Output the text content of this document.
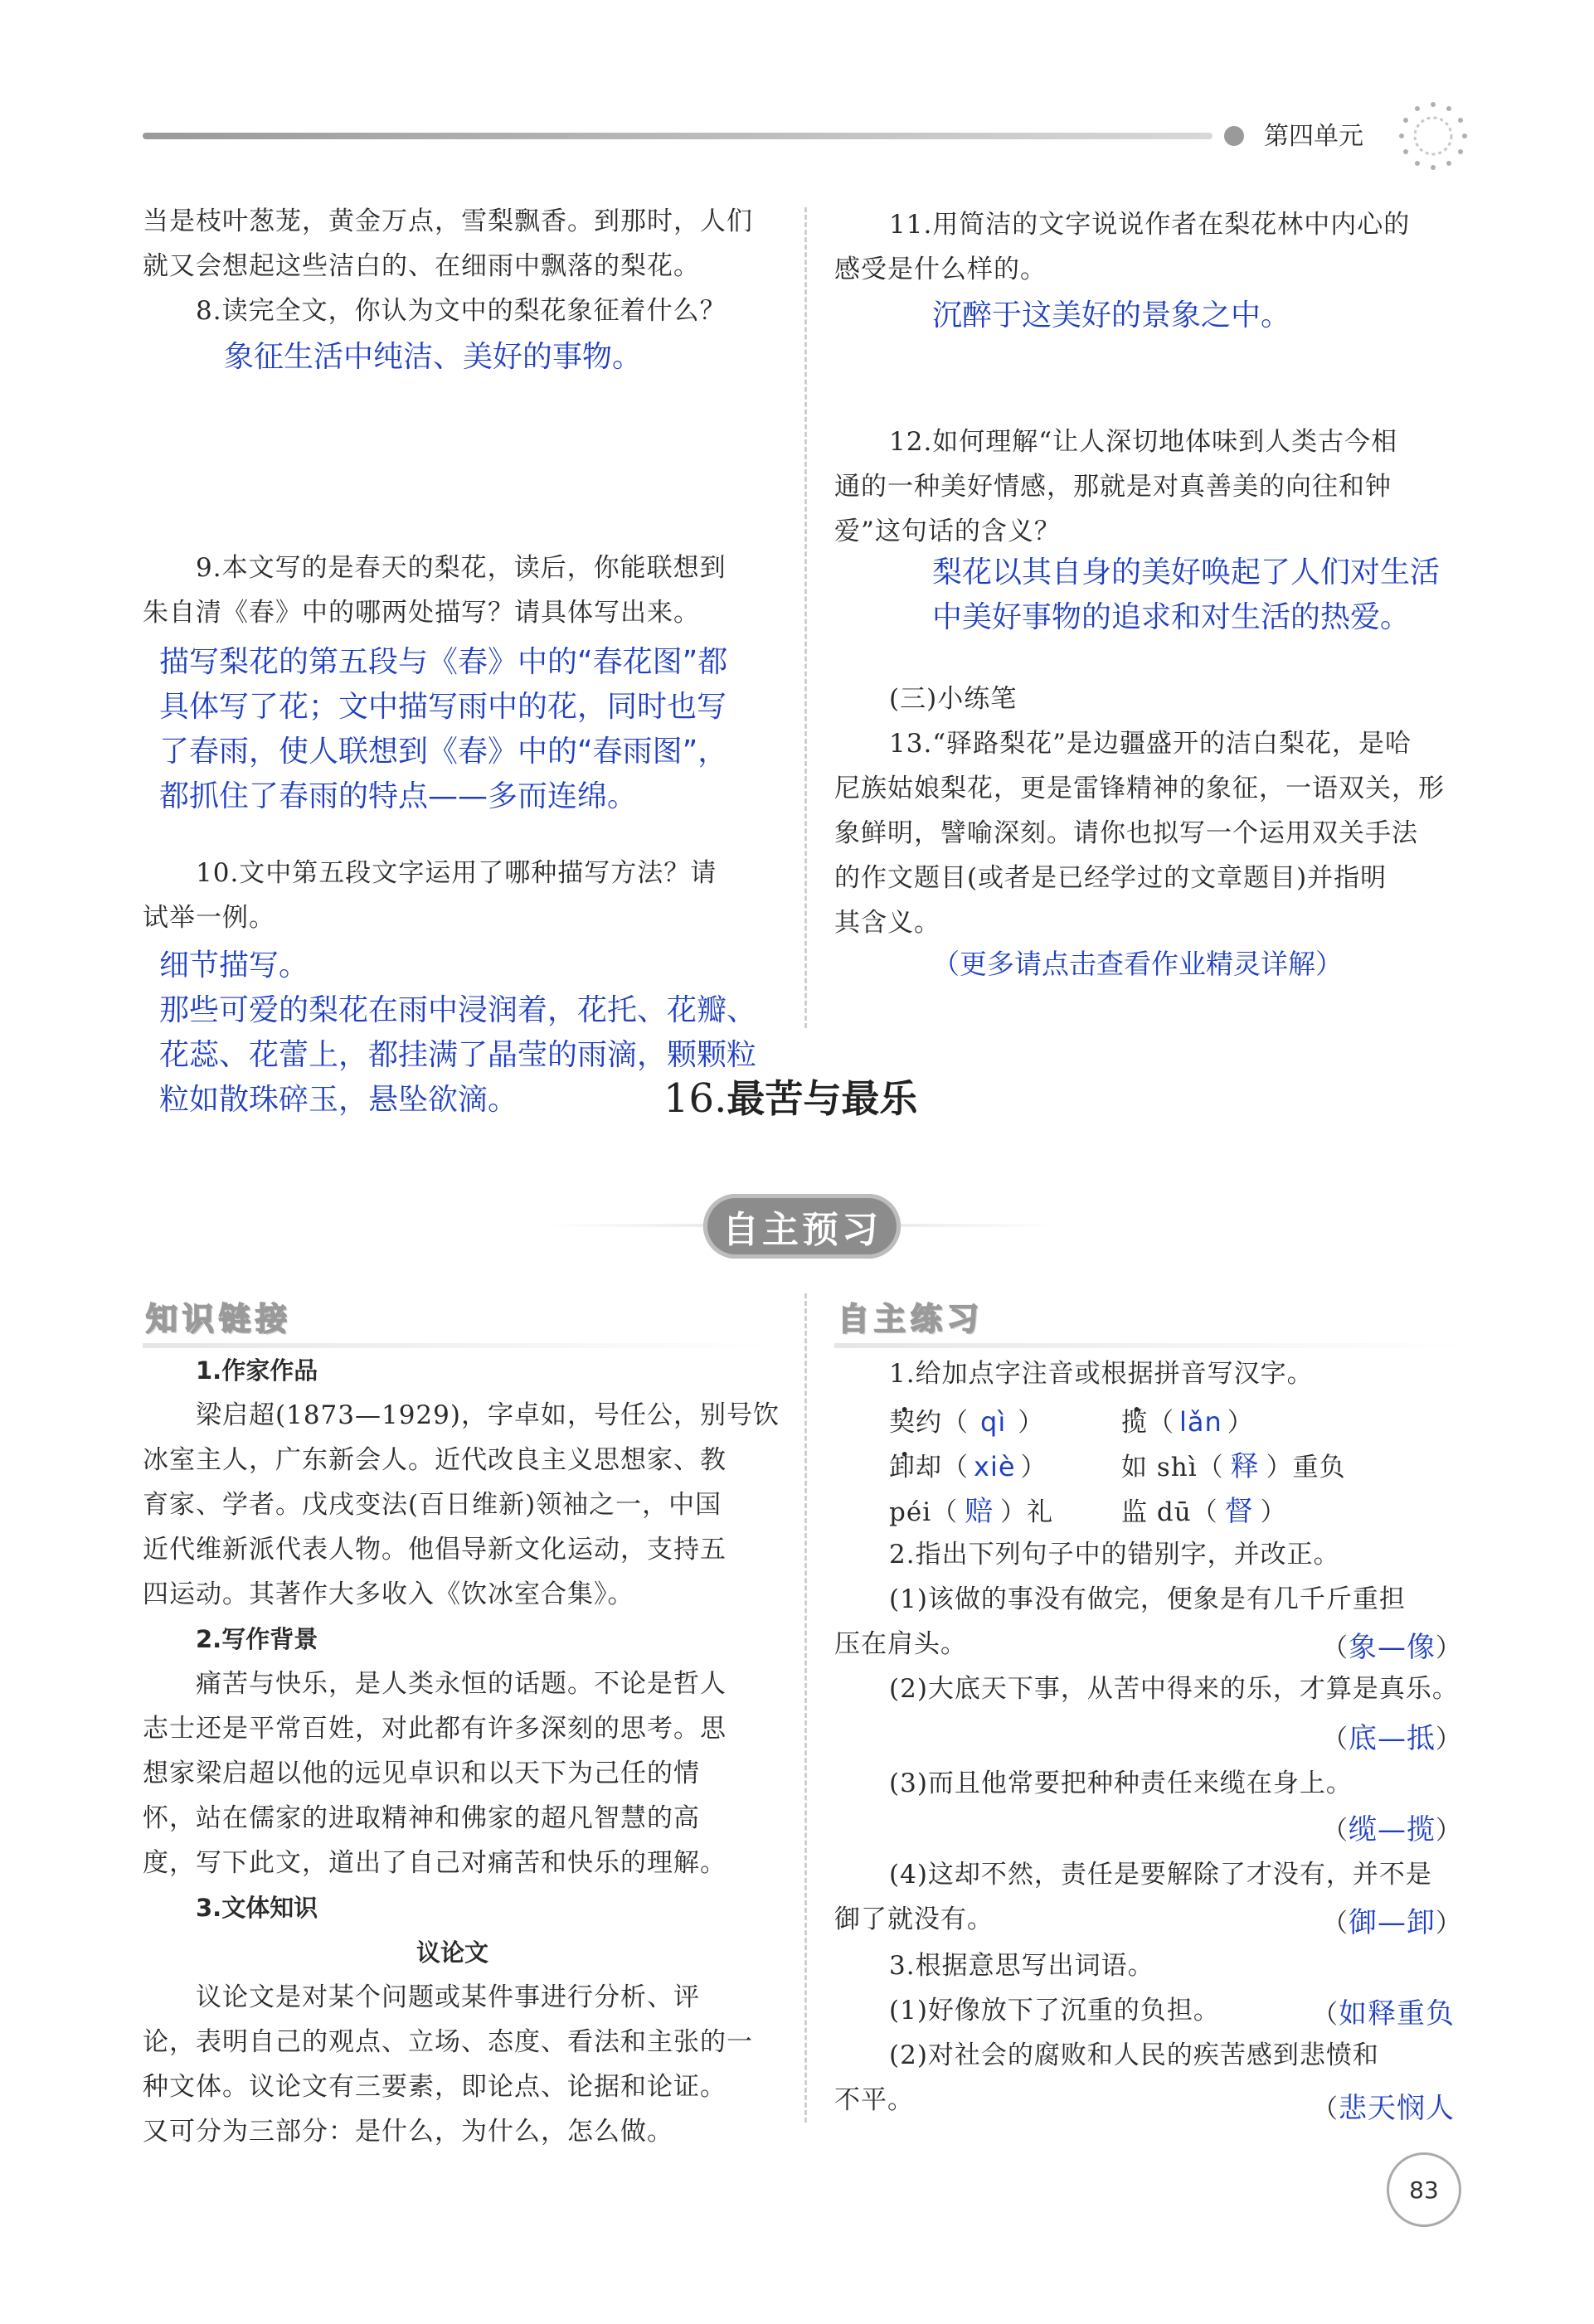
第四单元
当是枝叶葱茏，黄金万点，雪梨飘香。到那时，人们
就又会想起这些洁白的、在细雨中飘落的梨花。
8.读完全文，你认为文中的梨花象征着什么？
象征生活中纯洁、美好的事物。
9.本文写的是春天的梨花，读后，你能联想到
朱自清《春》中的哪两处描写？请具体写出来。
描写梨花的第五段与《春》中的“春花图”都
具体写了花；文中描写雨中的花，同时也写
了春雨，使人联想到《春》中的“春雨图”，
都抓住了春雨的特点——多而连绵。
10.文中第五段文字运用了哪种描写方法？请
试举一例。
细节描写。
那些可爱的梨花在雨中浸润着，花托、花瓣、
花蕊、花蕾上，都挂满了晶莹的雨滴，颗颗粒
粒如散珠碎玉，悬坠欲滴。
11.用简洁的文字说说作者在梨花林中内心的
感受是什么样的。
沉醉于这美好的景象之中。
12.如何理解“让人深切地体味到人类古今相
通的一种美好情感，那就是对真善美的向往和钟
爱”这句话的含义？
梨花以其自身的美好唤起了人们对生活
中美好事物的追求和对生活的热爱。
(三)小练笔
13.“驿路梨花”是边疆盛开的洁白梨花，是哈
尼族姑娘梨花，更是雷锋精神的象征，一语双关，形
象鲜明，譬喻深刻。请你也拟写一个运用双关手法
的作文题目(或者是已经学过的文章题目)并指明
其含义。
（更多请点击查看作业精灵详解）
16.最苦与最乐
自主预习
知识链接	自主练习
1.作家作品
梁启超(1873—1929)，字卓如，号任公，别号饮
冰室主人，广东新会人。近代改良主义思想家、教
育家、学者。戊戌变法(百日维新)领袖之一，中国
近代维新派代表人物。他倡导新文化运动，支持五
四运动。其著作大多收入《饮冰室合集》。
2.写作背景
痛苦与快乐，是人类永恒的话题。不论是哲人
志士还是平常百姓，对此都有许多深刻的思考。思
想家梁启超以他的远见卓识和以天下为己任的情
怀，站在儒家的进取精神和佛家的超凡智慧的高
度，写下此文，道出了自己对痛苦和快乐的理解。
3.文体知识
议论文
议论文是对某个问题或某件事进行分析、评
论，表明自己的观点、立场、态度、看法和主张的一
种文体。议论文有三要素，即论点、论据和论证。
又可分为三部分：是什么，为什么，怎么做。
1.给加点字注音或根据拼音写汉字。
契约（ qì ）	揽（ lǎn ）
卸却（ xiè ）	如 shì（ 释 ）重负
péi（ 赔 ）礼	监 dū（ 督 ）
2.指出下列句子中的错别字，并改正。
(1)该做的事没有做完，便象是有几千斤重担
压在肩头。	（象—像）
(2)大底天下事，从苦中得来的乐，才算是真乐。
（底—抵）
(3)而且他常要把种种责任来缆在身上。
（缆—揽）
(4)这却不然，责任是要解除了才没有，并不是
御了就没有。	（御—卸）
3.根据意思写出词语。
(1)好像放下了沉重的负担。	（如释重负
(2)对社会的腐败和人民的疾苦感到悲愤和
不平。	（悲天悯人
83
